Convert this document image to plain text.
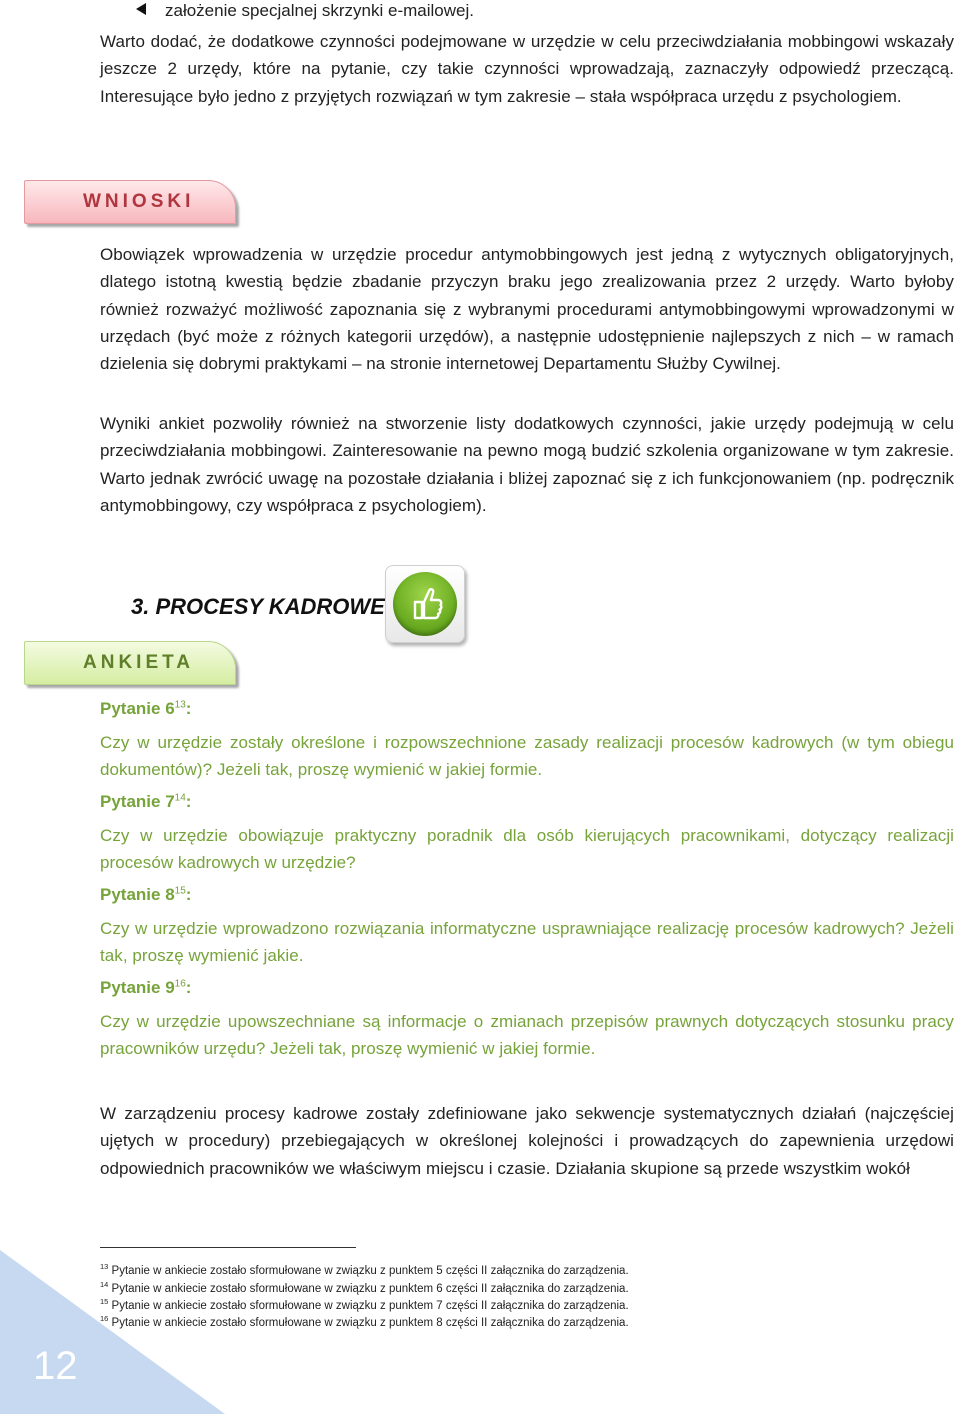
założenie specjalnej skrzynki e-mailowej.

Warto dodać, że dodatkowe czynności podejmowane w urzędzie w celu przeciwdziałania mobbingowi wskazały jeszcze 2 urzędy, które na pytanie, czy takie czynności wprowadzają, zaznaczyły odpowiedź przeczącą. Interesujące było jedno z przyjętych rozwiązań w tym zakresie – stała współpraca urzędu z psychologiem.

WNIOSKI

Obowiązek wprowadzenia w urzędzie procedur antymobbingowych jest jedną z wytycznych obligatoryjnych, dlatego istotną kwestią będzie zbadanie przyczyn braku jego zrealizowania przez 2 urzędy. Warto byłoby również rozważyć możliwość zapoznania się z wybranymi procedurami antymobbingowymi wprowadzonymi w urzędach (być może z różnych kategorii urzędów), a następnie udostępnienie najlepszych z nich – w ramach dzielenia się dobrymi praktykami – na stronie internetowej Departamentu Służby Cywilnej.

Wyniki ankiet pozwoliły również na stworzenie listy dodatkowych czynności, jakie urzędy podejmują w celu przeciwdziałania mobbingowi. Zainteresowanie na pewno mogą budzić szkolenia organizowane w tym zakresie. Warto jednak zwrócić uwagę na pozostałe działania i bliżej zapoznać się z ich funkcjonowaniem (np. podręcznik antymobbingowy, czy współpraca z psychologiem).

3. PROCESY KADROWE
ANKIETA
Pytanie $6^{13}$:

Czy w urzędzie zostały określone i rozpowszechnione zasady realizacji procesów kadrowych (w tym obiegu dokumentów)? Jeżeli tak, proszę wymienić w jakiej formie.

Pytanie $7^{14}$:

Czy w urzędzie obowiązuje praktyczny poradnik dla osób kierujących pracownikami, dotyczący realizacji procesów kadrowych w urzędzie?

Pytanie $8^{15}$:

Czy w urzędzie wprowadzono rozwiązania informatyczne usprawniające realizację procesów kadrowych? Jeżeli tak, proszę wymienić jakie.

Pytanie $9^{16}$:

Czy w urzędzie upowszechniane są informacje o zmianach przepisów prawnych dotyczących stosunku pracy pracowników urzędu? Jeżeli tak, proszę wymienić w jakiej formie.

W zarządzeniu procesy kadrowe zostały zdefiniowane jako sekwencje systematycznych działań (najczęściej ujętych w procedury) przebiegających w określonej kolejności i prowadzących do zapewnienia urzędowi odpowiednich pracowników we właściwym miejscu i czasie. Działania skupione są przede wszystkim wokół

$^{13}$ Pytanie w ankiecie zostało sformułowane w związku z punktem 5 części II załącznika do zarządzenia.
$^{14}$ Pytanie w ankiecie zostało sformułowane w związku z punktem 6 części II załącznika do zarządzenia.
$^{15}$ Pytanie w ankiecie zostało sformułowane w związku z punktem 7 części II załącznika do zarządzenia.
$^{16}$ Pytanie w ankiecie zostało sformułowane w związku z punktem 8 części II załącznika do zarządzenia.
12
